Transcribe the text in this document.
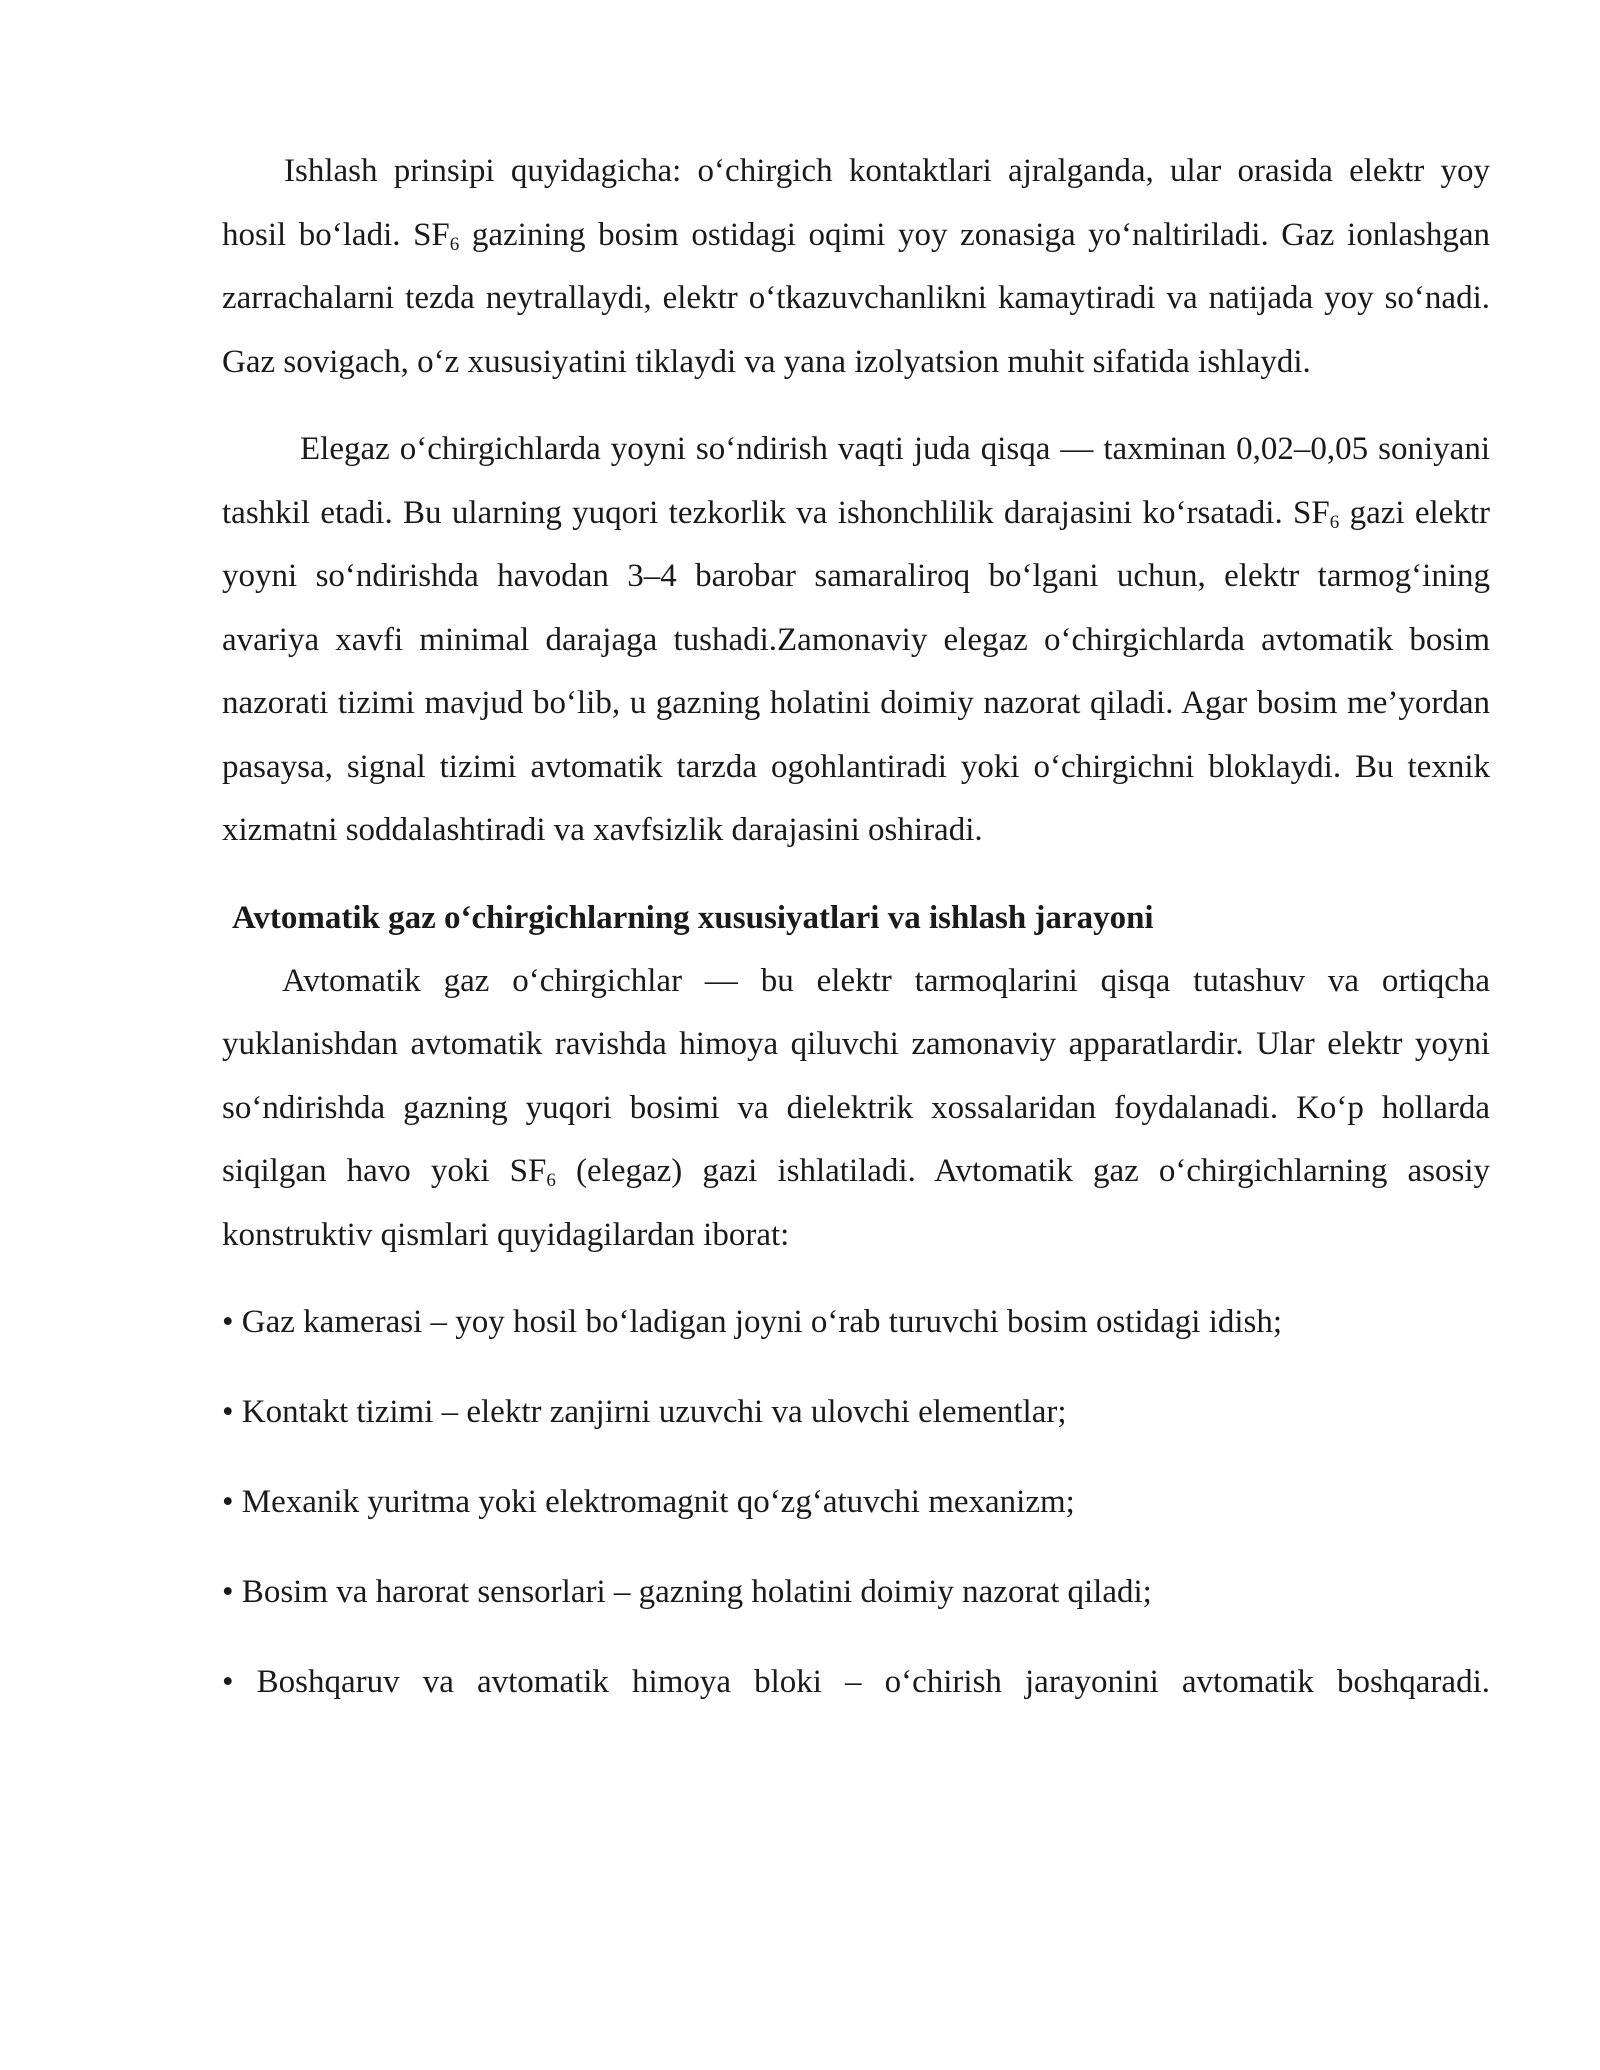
Ishlash prinsipi quyidagicha: o‘chirgich kontaktlari ajralganda, ular orasida elektr yoy hosil bo‘ladi. $SF_6$ gazining bosim ostidagi oqimi yoy zonasiga yo‘naltiriladi. Gaz ionlashgan zarrachalarni tezda neytrallaydi, elektr o‘tkazuvchanlikni kamaytiradi va natijada yoy so‘nadi. Gaz sovigach, o‘z xususiyatini tiklaydi va yana izolyatsion muhit sifatida ishlaydi.

Elegaz o‘chirgichlarda yoyni so‘ndirish vaqti juda qisqa — taxminan 0,02–0,05 soniyani tashkil etadi. Bu ularning yuqori tezkorlik va ishonchlilik darajasini ko‘rsatadi. $SF_6$ gazi elektr yoyni so‘ndirishda havodan 3–4 barobar samaraliroq bo‘lgani uchun, elektr tarmog‘ining avariya xavfi minimal darajaga tushadi.Zamonaviy elegaz o‘chirgichlarda avtomatik bosim nazorati tizimi mavjud bo‘lib, u gazning holatini doimiy nazorat qiladi. Agar bosim me’yordan pasaysa, signal tizimi avtomatik tarzda ogohlantiradi yoki o‘chirgichni bloklaydi. Bu texnik xizmatni soddalashtiradi va xavfsizlik darajasini oshiradi.

Avtomatik gaz o‘chirgichlarning xususiyatlari va ishlash jarayoni

Avtomatik gaz o‘chirgichlar — bu elektr tarmoqlarini qisqa tutashuv va ortiqcha yuklanishdan avtomatik ravishda himoya qiluvchi zamonaviy apparatlardir. Ular elektr yoyni so‘ndirishda gazning yuqori bosimi va dielektrik xossalaridan foydalanadi. Ko‘p hollarda siqilgan havo yoki $SF_6$ (elegaz) gazi ishlatiladi. Avtomatik gaz o‘chirgichlarning asosiy konstruktiv qismlari quyidagilardan iborat:

• Gaz kamerasi – yoy hosil bo‘ladigan joyni o‘rab turuvchi bosim ostidagi idish;

• Kontakt tizimi – elektr zanjirni uzuvchi va ulovchi elementlar;

• Mexanik yuritma yoki elektromagnit qo‘zg‘atuvchi mexanizm;

• Bosim va harorat sensorlari – gazning holatini doimiy nazorat qiladi;

• Boshqaruv va avtomatik himoya bloki – o‘chirish jarayonini avtomatik boshqaradi.
